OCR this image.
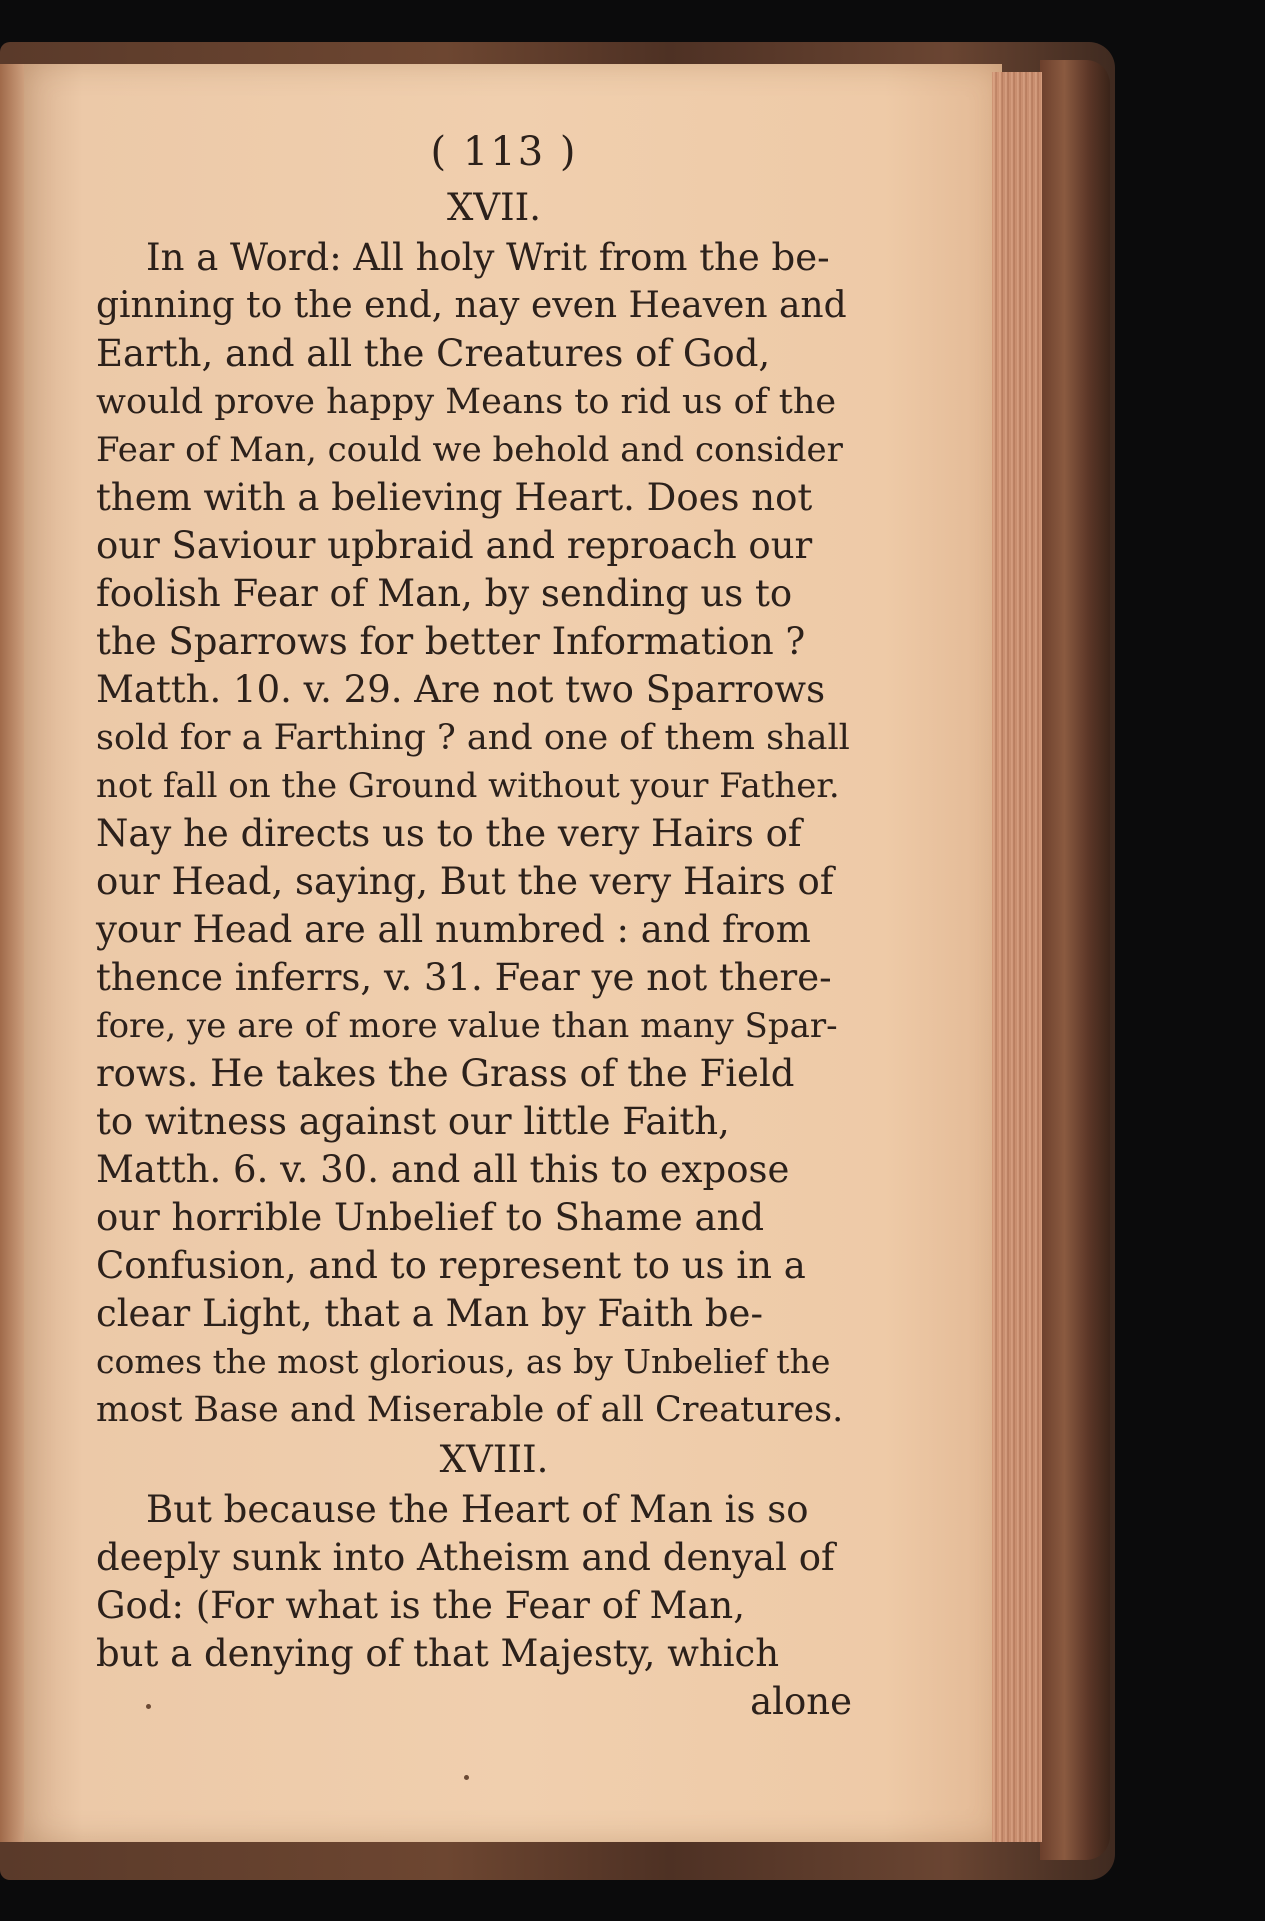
( 113 )
XVII.
In a Word: All holy Writ from the be-
ginning to the end, nay even Heaven and
Earth, and all the Creatures of God,
would prove happy Means to rid us of the
Fear of Man, could we behold and consider
them with a believing Heart. Does not
our Saviour upbraid and reproach our
foolish Fear of Man, by sending us to
the Sparrows for better Information ?
Matth. 10. v. 29. Are not two Sparrows
sold for a Farthing ? and one of them shall
not fall on the Ground without your Father.
Nay he directs us to the very Hairs of
our Head, saying, But the very Hairs of
your Head are all numbred : and from
thence inferrs, v. 31. Fear ye not there-
fore, ye are of more value than many Spar-
rows. He takes the Grass of the Field
to witness against our little Faith,
Matth. 6. v. 30. and all this to expose
our horrible Unbelief to Shame and
Confusion, and to represent to us in a
clear Light, that a Man by Faith be-
comes the most glorious, as by Unbelief the
most Base and Miserable of all Creatures.
XVIII.
But because the Heart of Man is so
deeply sunk into Atheism and denyal of
God: (For what is the Fear of Man,
but a denying of that Majesty, which
alone
